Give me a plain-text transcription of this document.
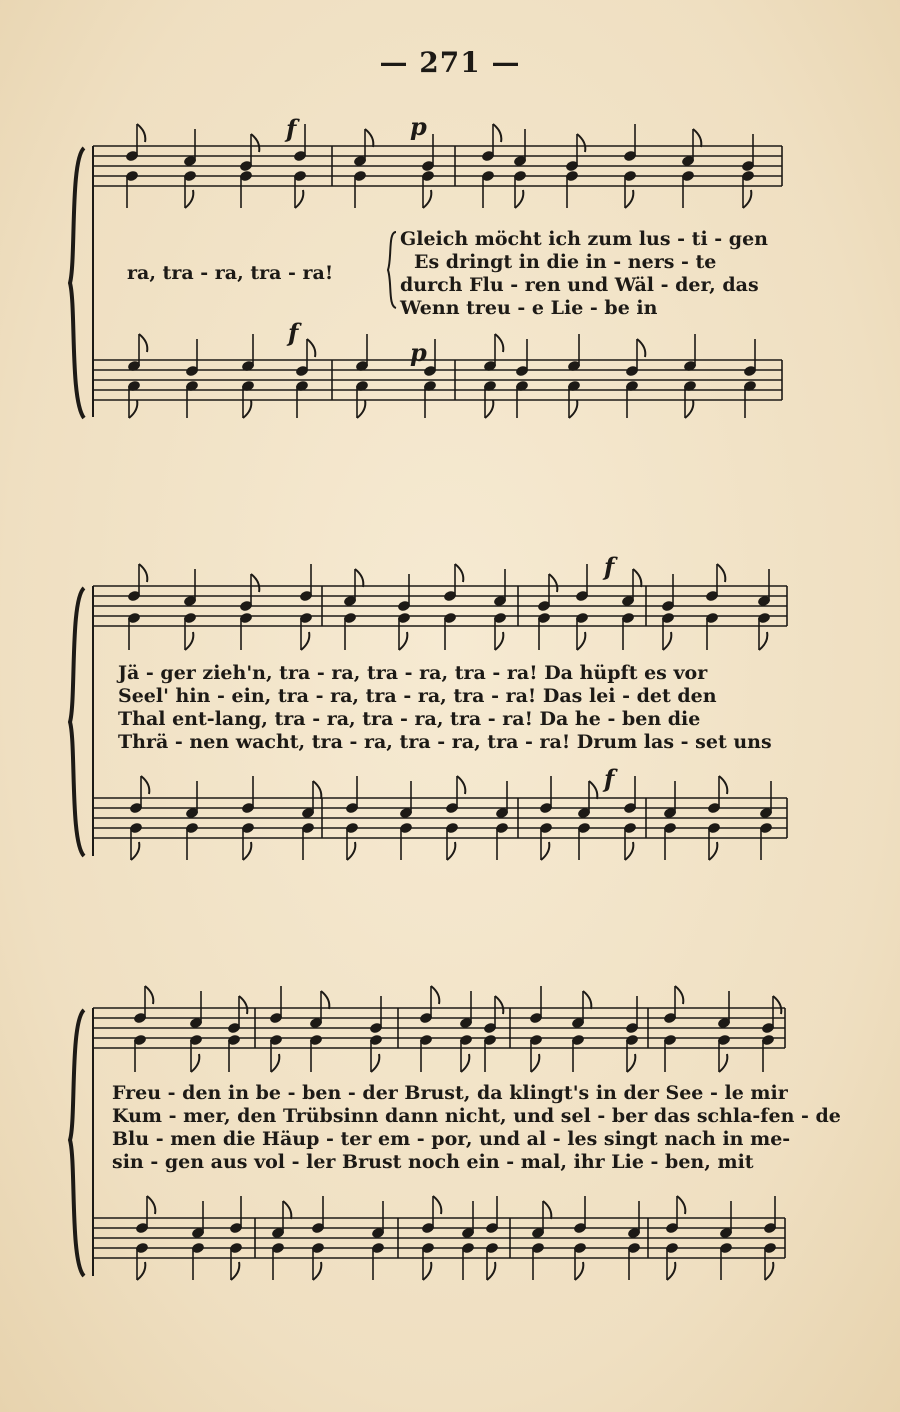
— 271 —
ra, tra - ra, tra - ra!
Gleich möcht ich zum lus - ti - gen
Es dringt in die in - ners - te
durch Flu - ren und Wäl - der, das
Wenn treu - e Lie - be in
f	p
f
p
Jä - ger zieh'n, tra - ra, tra - ra, tra - ra! Da hüpft es vor
Seel' hin - ein, tra - ra, tra - ra, tra - ra! Das lei - det den
Thal ent-lang, tra - ra, tra - ra, tra - ra! Da he - ben die
Thrä - nen wacht, tra - ra, tra - ra, tra - ra! Drum las - set uns
f
f
Freu - den in be - ben - der Brust, da klingt's in der See - le mir
Kum - mer, den Trübsinn dann nicht, und sel - ber das schla-fen - de
Blu - men die Häup - ter em - por, und al - les singt nach in me-
sin - gen aus vol - ler Brust noch ein - mal, ihr Lie - ben, mit
